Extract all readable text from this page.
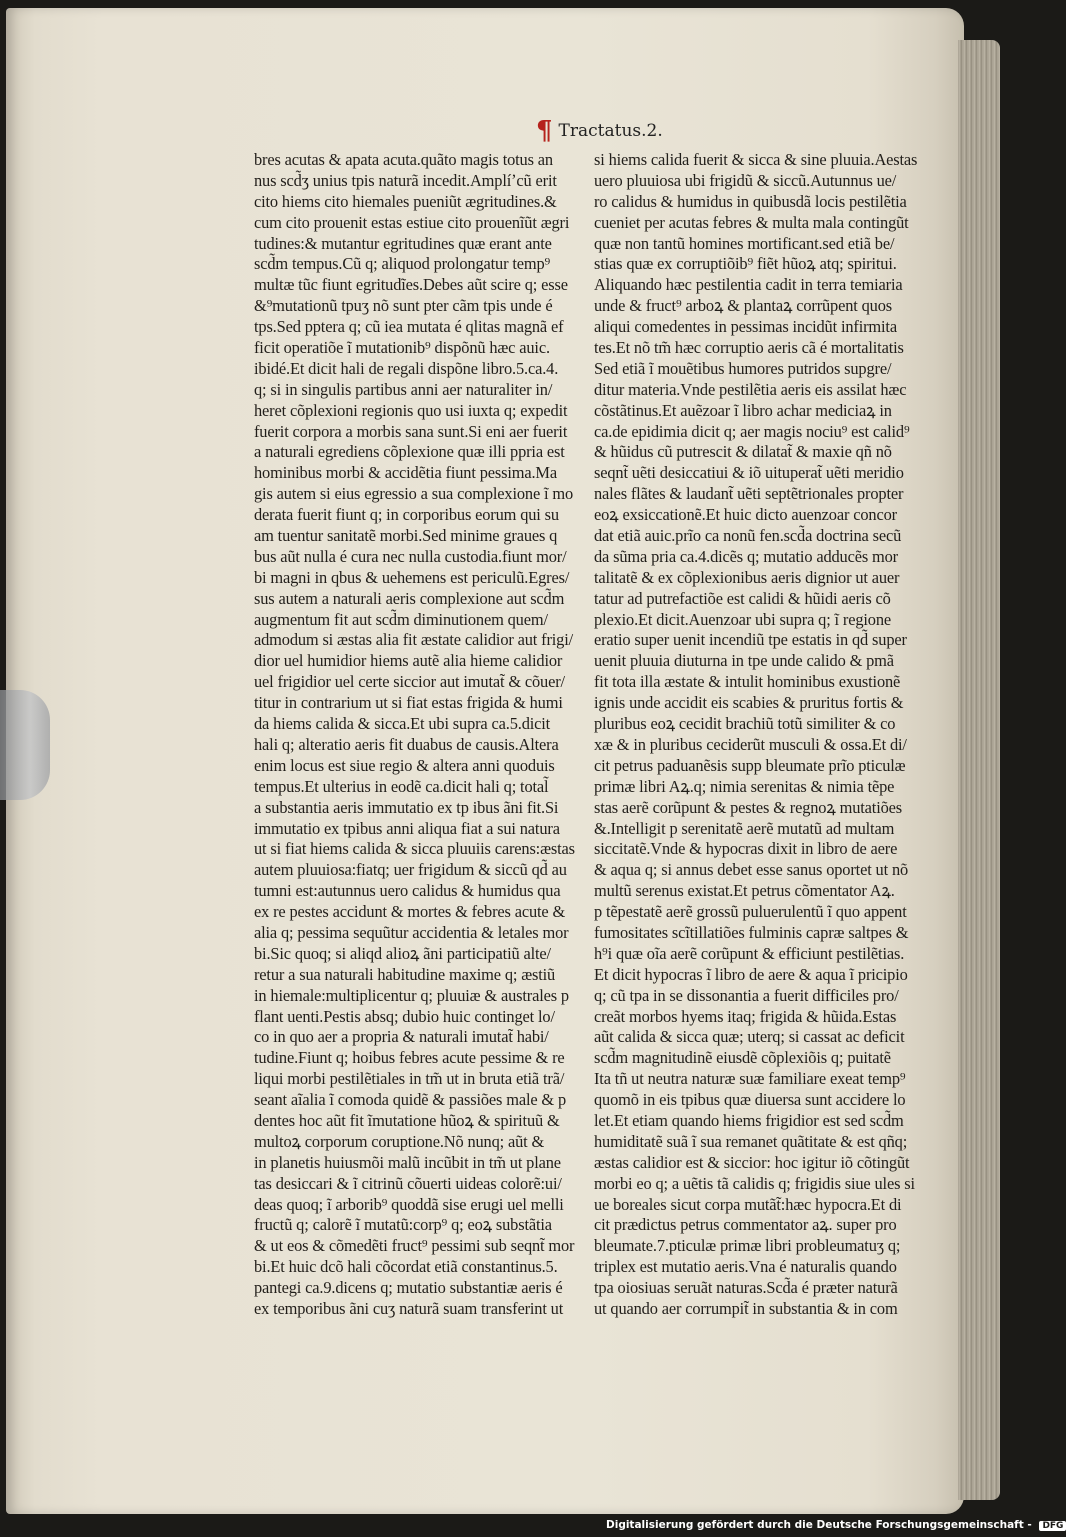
¶ Tractatus.2.
bres acutas & apata acuta.quãto magis totus an
nus scd̃ʒ unius tpis naturã incedit.Amplíʼcũ erit
cito hiems cito hiemales pueniũt ægritudines.&
cum cito prouenit estas estiue cito prouenĩũt ægri
tudines:& mutantur egritudines quæ erant ante
scd̃m tempus.Cũ q; aliquod prolongatur temp⁹
multæ tũc fiunt egritudĩes.Debes aũt scire q; esse
&⁹mutationũ tpuʒ nõ sunt pter cãm tpis unde é
tps.Sed pptera q; cũ iea mutata é qlitas magnã ef
ficit operatiõe ĩ mutationib⁹ dispõnũ hæc auic.
ibidé.Et dicit hali de regali dispõne libro.5.ca.4.
q; si in singulis partibus anni aer naturaliter in/
heret cõplexioni regionis quo usi iuxta q; expedit
fuerit corpora a morbis sana sunt.Si eni aer fuerit
a naturali egrediens cõplexione quæ illi ppria est
hominibus morbi & accidẽtia fiunt pessima.Ma
gis autem si eius egressio a sua complexione ĩ mo
derata fuerit fiunt q; in corporibus eorum qui su
am tuentur sanitatẽ morbi.Sed minime graues q
bus aũt nulla é cura nec nulla custodia.fiunt mor/
bi magni in qbus & uehemens est periculũ.Egres/
sus autem a naturali aeris complexione aut scd̃m
augmentum fit aut scd̃m diminutionem quem/
admodum si æstas alia fit æstate calidior aut frigi/
dior uel humidior hiems autẽ alia hieme calidior
uel frigidior uel certe siccior aut imutat̃ & cõuer/
titur in contrarium ut si fiat estas frigida & humi
da hiems calida & sicca.Et ubi supra ca.5.dicit
hali q; alteratio aeris fit duabus de causis.Altera
enim locus est siue regio & altera anni quoduis
tempus.Et ulterius in eodẽ ca.dicit hali q; total̃
a substantia aeris immutatio ex tp ibus ãni fit.Si
immutatio ex tpibus anni aliqua fiat a sui natura
ut si fiat hiems calida & sicca pluuiis carens:æstas
autem pluuiosa:fiatq; uer frigidum & siccũ qd̃ au
tumni est:autunnus uero calidus & humidus qua
ex re pestes accidunt & mortes & febres acute &
alia q; pessima sequũtur accidentia & letales mor
bi.Sic quoq; si aliqd alioꝝ ãni participatiũ alte/
retur a sua naturali habitudine maxime q; æstiũ
in hiemale:multiplicentur q; pluuiæ & australes p
flant uenti.Pestis absq; dubio huic continget lo/
co in quo aer a propria & naturali imutat̃ habi/
tudine.Fiunt q; hoibus febres acute pessime & re
liqui morbi pestilẽtiales in tm̃ ut in bruta etiã trã/
seant aĩalia ĩ comoda quidẽ & passiões male & p
dentes hoc aũt fit ĩmutatione hũoꝝ & spirituũ &
multoꝝ corporum coruptione.Nõ nunq; aũt &
in planetis huiusmõi malũ incũbit in tm̃ ut plane
tas desiccari & ĩ citrinũ cõuerti uideas colorẽ:ui/
deas quoq; ĩ arborib⁹ quoddã sise erugi uel melli
fructũ q; calorẽ ĩ mutatũ:corp⁹ q; eoꝝ substãtia
& ut eos & cõmedẽti fruct⁹ pessimi sub seqnt̃ mor
bi.Et huic dcõ hali cõcordat etiã constantinus.5.
pantegi ca.9.dicens q; mutatio substantiæ aeris é
ex temporibus ãni cuʒ naturã suam transferint ut
si hiems calida fuerit & sicca & sine pluuia.Aestas
uero pluuiosa ubi frigidũ & siccũ.Autunnus ue/
ro calidus & humidus in quibusdã locis pestilẽtia
cueniet per acutas febres & multa mala contingũt
quæ non tantũ homines mortificant.sed etiã be/
stias quæ ex corruptiõib⁹ fiẽt hũoꝝ atq; spiritui.
Aliquando hæc pestilentia cadit in terra temiaria
unde & fruct⁹ arboꝝ & plantaꝝ corrũpent quos
aliqui comedentes in pessimas incidũt infirmita
tes.Et nõ tm̃ hæc corruptio aeris cã é mortalitatis
Sed etiã ĩ mouẽtibus humores putridos supgre/
ditur materia.Vnde pestilẽtia aeris eis assilat hæc
cõstãtinus.Et auẽzoar ĩ libro achar mediciaꝝ in
ca.de epidimia dicit q; aer magis nociu⁹ est calid⁹
& hũidus cũ putrescit & dilatat̃ & maxie qñ nõ
seqnt̃ uẽti desiccatiui & iõ uituperat̃ uẽti meridio
nales flãtes & laudant̃ uẽti septẽtrionales propter
eoꝝ exsiccationẽ.Et huic dicto auenzoar concor
dat etiã auic.prĩo ca nonũ fen.scd̃a doctrina secũ
da sũma pria ca.4.dicẽs q; mutatio adducẽs mor
talitatẽ & ex cõplexionibus aeris dignior ut auer
tatur ad putrefactiõe est calidi & hũidi aeris cõ
plexio.Et dicit.Auenzoar ubi supra q; ĩ regione
eratio super uenit incendiũ tpe estatis in qd̃ super
uenit pluuia diuturna in tpe unde calido & pmã
fit tota illa æstate & intulit hominibus exustionẽ
ignis unde accidit eis scabies & pruritus fortis &
pluribus eoꝝ cecidit brachiũ totũ similiter & co
xæ & in pluribus ceciderũt musculi & ossa.Et di/
cit petrus paduanẽsis supp bleumate prĩo pticulæ
primæ libri Aꝝ.q; nimia serenitas & nimia tẽpe
stas aerẽ corũpunt & pestes & regnoꝝ mutatiões
&.Intelligit p serenitatẽ aerẽ mutatũ ad multam
siccitatẽ.Vnde & hypocras dixit in libro de aere
& aqua q; si annus debet esse sanus oportet ut nõ
multũ serenus existat.Et petrus cõmentator Aꝝ.
p tẽpestatẽ aerẽ grossũ puluerulentũ ĩ quo appent
fumositates scĩtillatiões fulminis capræ saltpes &
h⁹i quæ oĩa aerẽ corũpunt & efficiunt pestilẽtias.
Et dicit hypocras ĩ libro de aere & aqua ĩ pricipio
q; cũ tpa in se dissonantia a fuerit difficiles pro/
creãt morbos hyems itaq; frigida & hũida.Estas
aũt calida & sicca quæ; uterq; si cassat ac deficit
scd̃m magnitudinẽ eiusdẽ cõplexiõis q; puitatẽ
Ita tñ ut neutra naturæ suæ familiare exeat temp⁹
quomõ in eis tpibus quæ diuersa sunt accidere lo
let.Et etiam quando hiems frigidior est sed scd̃m
humiditatẽ suã ĩ sua remanet quãtitate & est qñq;
æstas calidior est & siccior: hoc igitur iõ cõtingũt
morbi eo q; a uẽtis tã calidis q; frigidis siue ules si
ue boreales sicut corpa mutãt̃:hæc hypocra.Et di
cit prædictus petrus commentator aꝝ. super pro
bleumate.7.pticulæ primæ libri probleumatuʒ q;
triplex est mutatio aeris.Vna é naturalis quando
tpa oiosiuas seruãt naturas.Scd̃a é præter naturã
ut quando aer corrumpit̃ in substantia & in com
Digitalisierung gefördert durch die Deutsche Forschungsgemeinschaft - DFG
